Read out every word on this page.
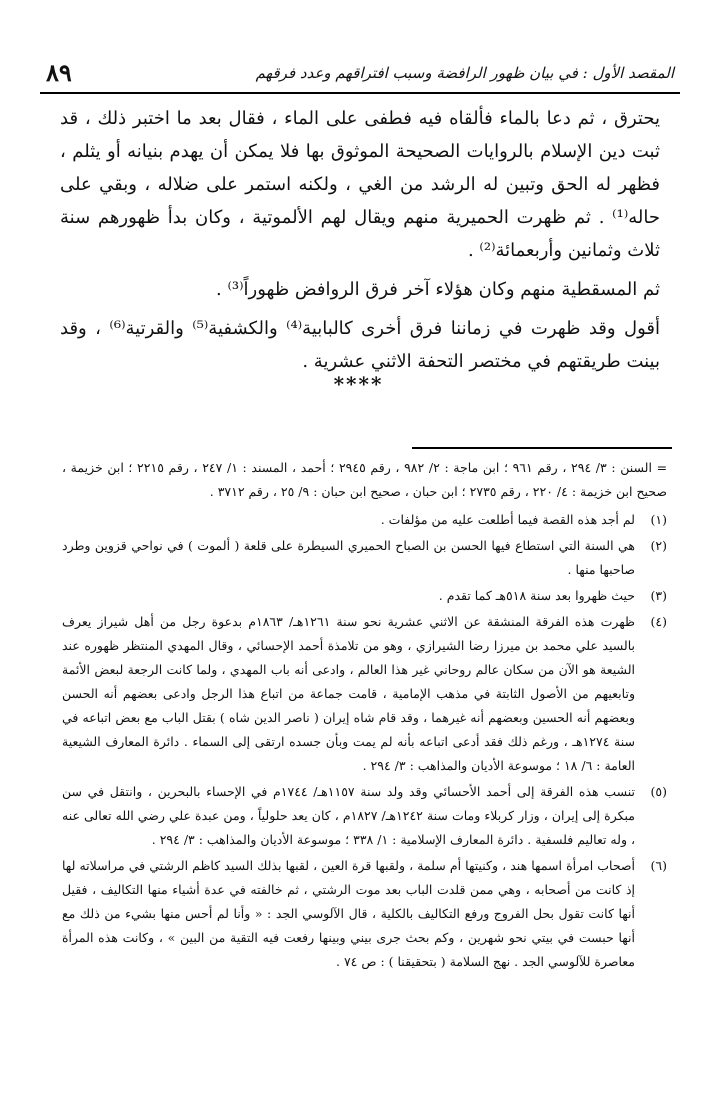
٨٩	المقصد الأول : في بيان ظهور الرافضة وسبب افتراقهم وعدد فرقهم

يحترق ، ثم دعا بالماء فألقاه فيه فطفى على الماء ، فقال بعد ما اختبر ذلك ، قد ثبت دين الإسلام بالروايات الصحيحة الموثوق بها فلا يمكن أن يهدم بنيانه أو يثلم ، فظهر له الحق وتبين له الرشد من الغي ، ولكنه استمر على ضلاله ، وبقي على حاله⁽¹⁾ . ثم ظهرت الحميرية منهم ويقال لهم الألموتية ، وكان بدأ ظهورهم سنة ثلاث وثمانين وأربعمائة⁽²⁾ .

ثم المسقطية منهم وكان هؤلاء آخر فرق الروافض ظهوراً⁽³⁾ .

أقول وقد ظهرت في زماننا فرق أخرى كالبابية⁽⁴⁾ والكشفية⁽⁵⁾ والقرتية⁽⁶⁾ ، وقد بينت طريقتهم في مختصر التحفة الاثني عشرية .

****
= السنن : ٣/ ٢٩٤ ، رقم ٩٦١ ؛ ابن ماجة : ٢/ ٩٨٢ ، رقم ٢٩٤٥ ؛ أحمد ، المسند : ١/ ٢٤٧ ، رقم ٢٢١٥ ؛ ابن خزيمة ، صحيح ابن خزيمة : ٤/ ٢٢٠ ، رقم ٢٧٣٥ ؛ ابن حبان ، صحيح ابن حبان : ٩/ ٢٥ ، رقم ٣٧١٢ .
(١)
لم أجد هذه القصة فيما أطلعت عليه من مؤلفات .
(٢)
هي السنة التي استطاع فيها الحسن بن الصباح الحميري السيطرة على قلعة ( ألموت ) في نواحي قزوين وطرد صاحبها منها .
(٣)
حيث ظهروا بعد سنة ٥١٨هـ كما تقدم .
(٤)
ظهرت هذه الفرقة المنشقة عن الاثني عشرية نحو سنة ١٢٦١هـ/ ١٨٦٣م بدعوة رجل من أهل شيراز يعرف بالسيد علي محمد بن ميرزا رضا الشيرازي ، وهو من تلامذة أحمد الإحسائي ، وقال المهدي المنتظر ظهوره عند الشيعة هو الآن من سكان عالم روحاني غير هذا العالم ، وادعى أنه باب المهدي ، ولما كانت الرجعة لبعض الأئمة وتابعيهم من الأصول الثابتة في مذهب الإمامية ، قامت جماعة من اتباع هذا الرجل وادعى بعضهم أنه الحسن وبعضهم أنه الحسين وبعضهم أنه غيرهما ، وقد قام شاه إيران ( ناصر الدين شاه ) بقتل الباب مع بعض اتباعه في سنة ١٢٧٤هـ ، ورغم ذلك فقد أدعى اتباعه بأنه لم يمت وبأن جسده ارتقى إلى السماء . دائرة المعارف الشيعية العامة : ٦/ ١٨ ؛ موسوعة الأديان والمذاهب : ٣/ ٢٩٤ .
(٥)
تنسب هذه الفرقة إلى أحمد الأحسائي وقد ولد سنة ١١٥٧هـ/ ١٧٤٤م في الإحساء بالبحرين ، وانتقل في سن مبكرة إلى إيران ، وزار كربلاء ومات سنة ١٢٤٢هـ/ ١٨٢٧م ، كان يعد حلولياً ، ومن عبدة علي رضي الله تعالى عنه ، وله تعاليم فلسفية . دائرة المعارف الإسلامية : ١/ ٣٣٨ ؛ موسوعة الأديان والمذاهب : ٣/ ٢٩٤ .
(٦)
أصحاب امرأة اسمها هند ، وكنيتها أم سلمة ، ولقبها قرة العين ، لقبها بذلك السيد كاظم الرشتي في مراسلاته لها إذ كانت من أصحابه ، وهي ممن قلدت الباب بعد موت الرشتي ، ثم خالفته في عدة أشياء منها التكاليف ، فقيل أنها كانت تقول بحل الفروج ورفع التكاليف بالكلية ، قال الآلوسي الجد : « وأنا لم أحس منها بشيء من ذلك مع أنها حبست في بيتي نحو شهرين ، وكم بحث جرى بيني وبينها رفعت فيه التقية من البين » ، وكانت هذه المرأة معاصرة للآلوسي الجد . نهج السلامة ( بتحقيقنا ) : ص ٧٤ .
